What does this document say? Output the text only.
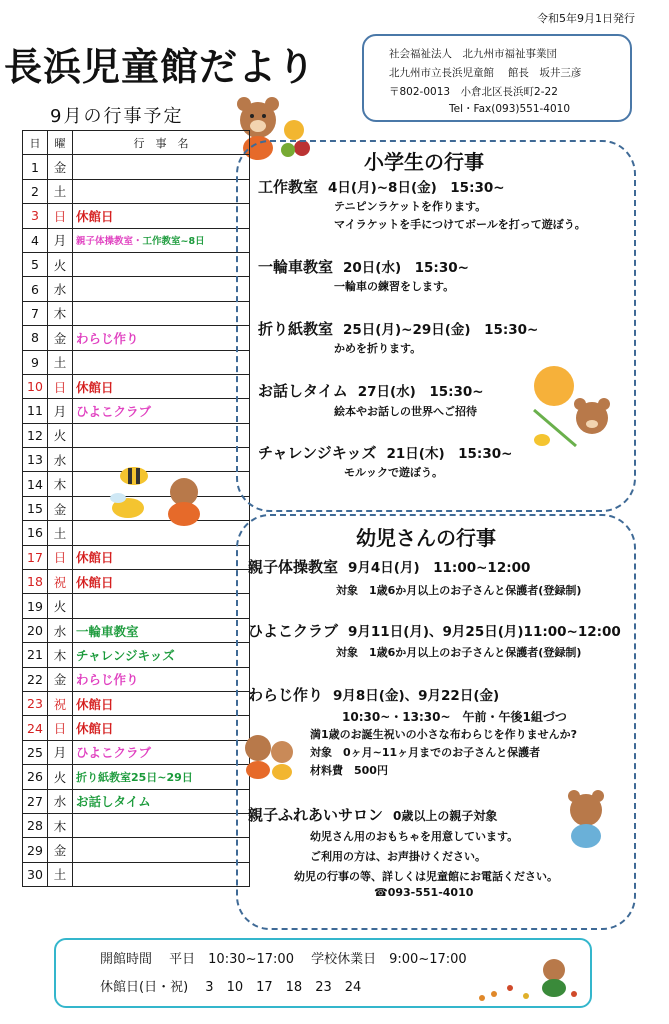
令和5年9月1日発行
長浜児童館だより	社会福祉法人　北九州市福祉事業団
北九州市立長浜児童館　 館長　坂井三彦
〒802-0013　小倉北区長浜町2-22
Tel・Fax(093)551-4010
9月の行事予定
日	曜	行　事　名
1	金	
2	土	
3	日	休館日
4	月	親子体操教室・工作教室~8日
5	火	
6	水	
7	木	
8	金	わらじ作り
9	土	
10	日	休館日
11	月	ひよこクラブ
12	火	
13	水	
14	木	
15	金	
16	土	
17	日	休館日
18	祝	休館日
19	火	
20	水	一輪車教室
21	木	チャレンジキッズ
22	金	わらじ作り
23	祝	休館日
24	日	休館日
25	月	ひよこクラブ
26	火	折り紙教室25日~29日
27	水	お話しタイム
28	木	
29	金	
30	土	
小学生の行事
工作教室 4日(月)~8日(金)　15:30~
テニピンラケットを作ります。
マイラケットを手につけてボールを打って遊ぼう。
一輪車教室 20日(水)　15:30~
一輪車の練習をします。
折り紙教室 25日(月)~29日(金)　15:30~
かめを折ります。
お話しタイム 27日(水)　15:30~
絵本やお話しの世界へご招待
チャレンジキッズ 21日(木)　15:30~
モルックで遊ぼう。
幼児さんの行事
親子体操教室 9月4日(月)　11:00~12:00
対象　1歳6か月以上のお子さんと保護者(登録制)
ひよこクラブ 9月11日(月)、9月25日(月)11:00~12:00
対象　1歳6か月以上のお子さんと保護者(登録制)
わらじ作り 9月8日(金)、9月22日(金)
10:30~・13:30~　午前・午後1組づつ
満1歳のお誕生祝いの小さな布わらじを作りませんか?
対象　0ヶ月~11ヶ月までのお子さんと保護者
材料費　500円
親子ふれあいサロン 0歳以上の親子対象
幼児さん用のおもちゃを用意しています。
ご利用の方は、お声掛けください。
幼児の行事の等、詳しくは児童館にお電話ください。
☎093-551-4010
開館時間　 平日　10:30~17:00　 学校休業日　9:00~17:00
休館日(日・祝)　 3　10　17　18　23　24
